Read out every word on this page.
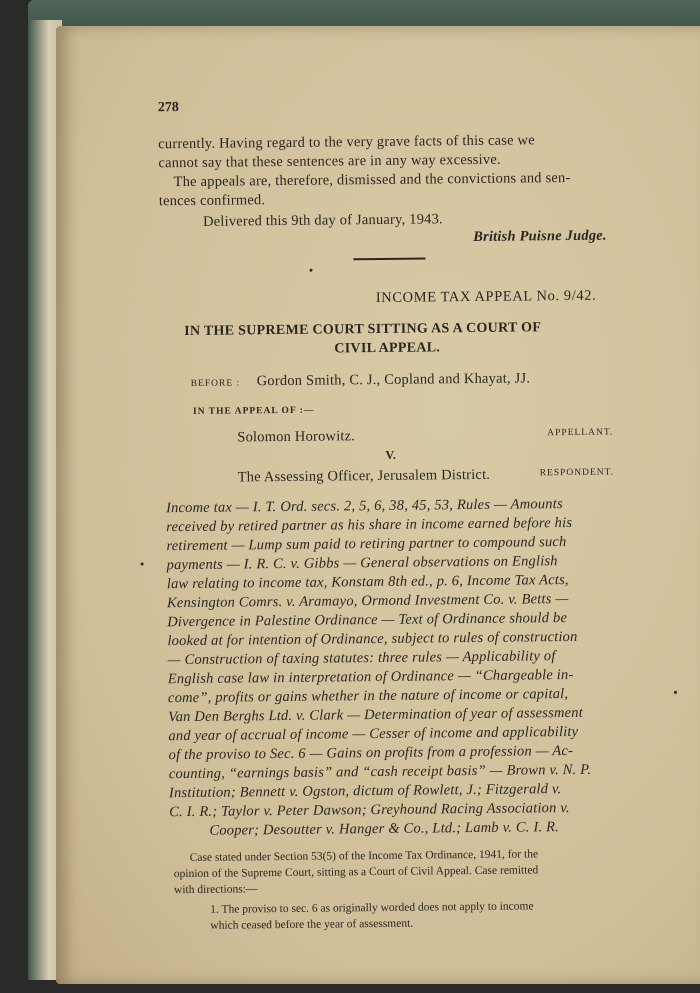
278
currently. Having regard to the very grave facts of this case we
cannot say that these sentences are in any way excessive.
The appeals are, therefore, dismissed and the convictions and sen-
tences confirmed.
Delivered this 9th day of January, 1943.
British Puisne Judge.
INCOME TAX APPEAL No. 9/42.
IN THE SUPREME COURT SITTING AS A COURT OF
CIVIL APPEAL.
BEFORE : Gordon Smith, C. J., Copland and Khayat, JJ.
IN THE APPEAL OF :—
Solomon Horowitz.	APPELLANT.
V.
The Assessing Officer, Jerusalem District.	RESPONDENT.
Income tax — I. T. Ord. secs. 2, 5, 6, 38, 45, 53, Rules — Amounts
received by retired partner as his share in income earned before his
retirement — Lump sum paid to retiring partner to compound such
payments — I. R. C. v. Gibbs — General observations on English
law relating to income tax, Konstam 8th ed., p. 6, Income Tax Acts,
Kensington Comrs. v. Aramayo, Ormond Investment Co. v. Betts —
Divergence in Palestine Ordinance — Text of Ordinance should be
looked at for intention of Ordinance, subject to rules of construction
— Construction of taxing statutes: three rules — Applicability of
English case law in interpretation of Ordinance — “Chargeable in-
come”, profits or gains whether in the nature of income or capital,
Van Den Berghs Ltd. v. Clark — Determination of year of assessment
and year of accrual of income — Cesser of income and applicability
of the proviso to Sec. 6 — Gains on profits from a profession — Ac-
counting, “earnings basis” and “cash receipt basis” — Brown v. N. P.
Institution; Bennett v. Ogston, dictum of Rowlett, J.; Fitzgerald v.
C. I. R.; Taylor v. Peter Dawson; Greyhound Racing Association v.
Cooper; Desoutter v. Hanger & Co., Ltd.; Lamb v. C. I. R.
Case stated under Section 53(5) of the Income Tax Ordinance, 1941, for the
opinion of the Supreme Court, sitting as a Court of Civil Appeal. Case remitted
with directions:—
1. The proviso to sec. 6 as originally worded does not apply to income
which ceased before the year of assessment.
